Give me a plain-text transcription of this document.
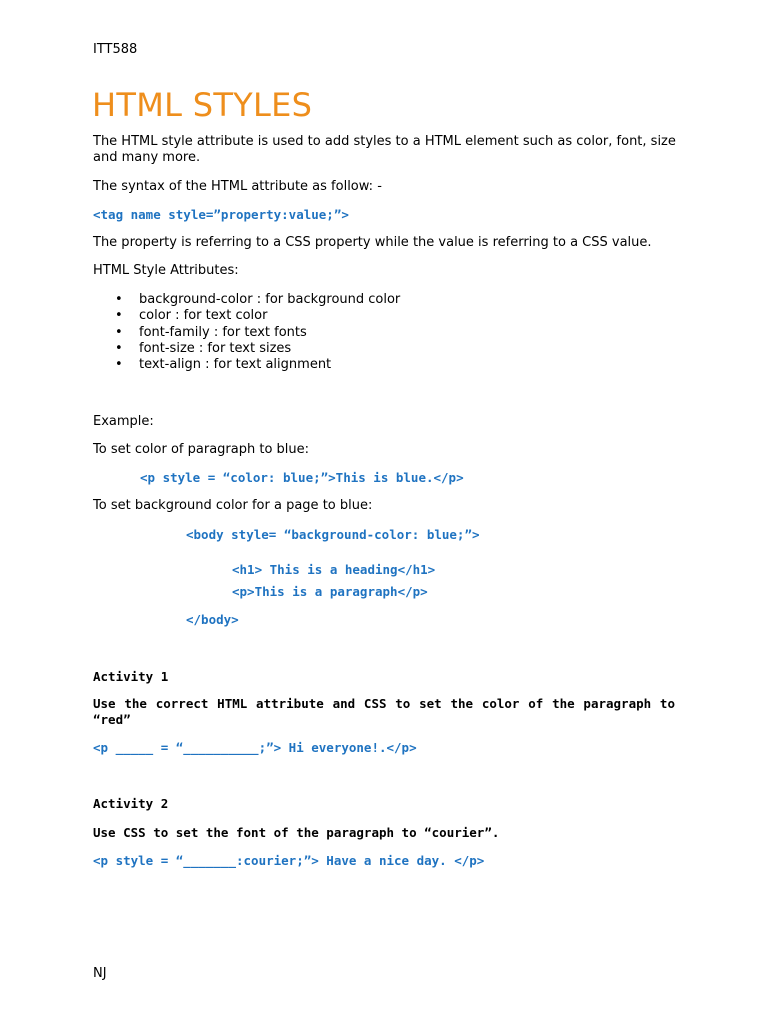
ITT588
HTML STYLES
The HTML style attribute is used to add styles to a HTML element such as color, font, size and many more.
The syntax of the HTML attribute as follow: -
<tag name style=”property:value;”>
The property is referring to a CSS property while the value is referring to a CSS value.
HTML Style Attributes:
• background-color : for background color
• color : for text color
• font-family : for text fonts
• font-size : for text sizes
• text-align : for text alignment
Example:
To set color of paragraph to blue:
<p style = “color: blue;”>This is blue.</p>
To set background color for a page to blue:
<body style= “background-color: blue;”>
<h1> This is a heading</h1>
<p>This is a paragraph</p>
</body>
Activity 1
Use the correct HTML attribute and CSS to set the color of the paragraph to “red”
<p _____ = “__________;”> Hi everyone!.</p>
Activity 2
Use CSS to set the font of the paragraph to “courier”.
<p style = “_______:courier;”> Have a nice day. </p>
NJ
